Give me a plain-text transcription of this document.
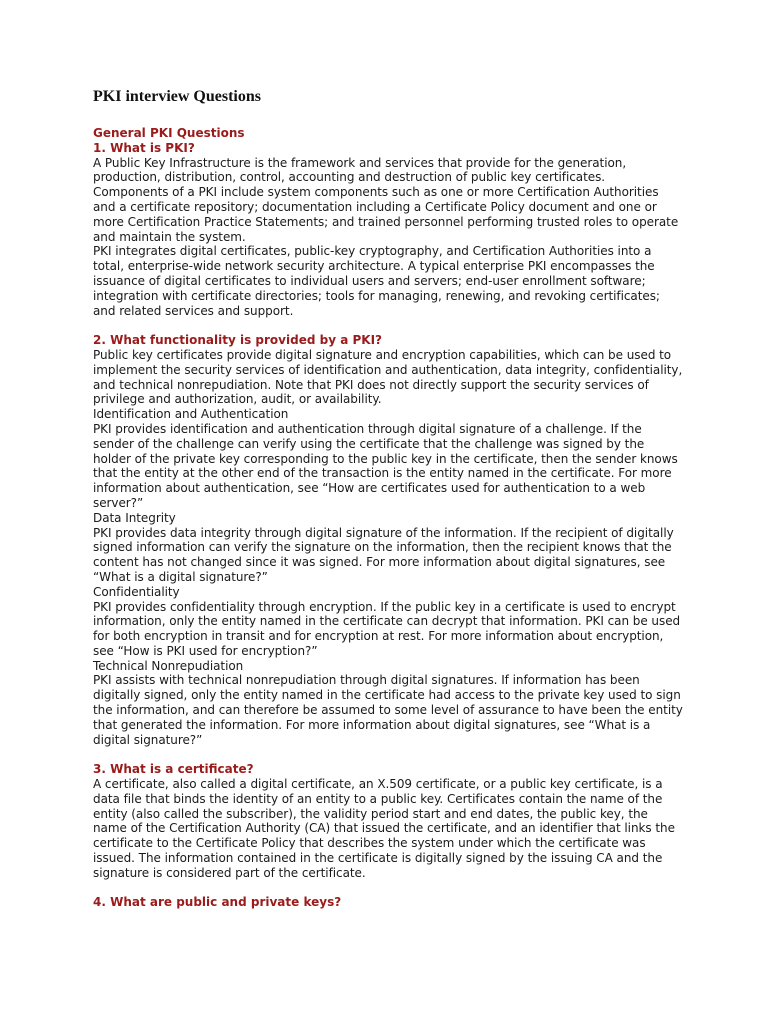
PKI interview Questions

General PKI Questions

1. What is PKI?

A Public Key Infrastructure is the framework and services that provide for the generation, production, distribution, control, accounting and destruction of public key certificates. Components of a PKI include system components such as one or more Certification Authorities and a certificate repository; documentation including a Certificate Policy document and one or more Certification Practice Statements; and trained personnel performing trusted roles to operate and maintain the system.

PKI integrates digital certificates, public-key cryptography, and Certification Authorities into a total, enterprise-wide network security architecture. A typical enterprise PKI encompasses the issuance of digital certificates to individual users and servers; end-user enrollment software; integration with certificate directories; tools for managing, renewing, and revoking certificates; and related services and support.

2. What functionality is provided by a PKI?

Public key certificates provide digital signature and encryption capabilities, which can be used to implement the security services of identification and authentication, data integrity, confidentiality, and technical nonrepudiation. Note that PKI does not directly support the security services of privilege and authorization, audit, or availability.

Identification and Authentication

PKI provides identification and authentication through digital signature of a challenge. If the sender of the challenge can verify using the certificate that the challenge was signed by the holder of the private key corresponding to the public key in the certificate, then the sender knows that the entity at the other end of the transaction is the entity named in the certificate. For more information about authentication, see “How are certificates used for authentication to a web server?”

Data Integrity

PKI provides data integrity through digital signature of the information. If the recipient of digitally signed information can verify the signature on the information, then the recipient knows that the content has not changed since it was signed. For more information about digital signatures, see “What is a digital signature?”

Confidentiality

PKI provides confidentiality through encryption. If the public key in a certificate is used to encrypt information, only the entity named in the certificate can decrypt that information. PKI can be used for both encryption in transit and for encryption at rest. For more information about encryption, see “How is PKI used for encryption?”

Technical Nonrepudiation

PKI assists with technical nonrepudiation through digital signatures. If information has been digitally signed, only the entity named in the certificate had access to the private key used to sign the information, and can therefore be assumed to some level of assurance to have been the entity that generated the information. For more information about digital signatures, see “What is a digital signature?”

3. What is a certificate?

A certificate, also called a digital certificate, an X.509 certificate, or a public key certificate, is a data file that binds the identity of an entity to a public key. Certificates contain the name of the entity (also called the subscriber), the validity period start and end dates, the public key, the name of the Certification Authority (CA) that issued the certificate, and an identifier that links the certificate to the Certificate Policy that describes the system under which the certificate was issued. The information contained in the certificate is digitally signed by the issuing CA and the signature is considered part of the certificate.

4. What are public and private keys?
